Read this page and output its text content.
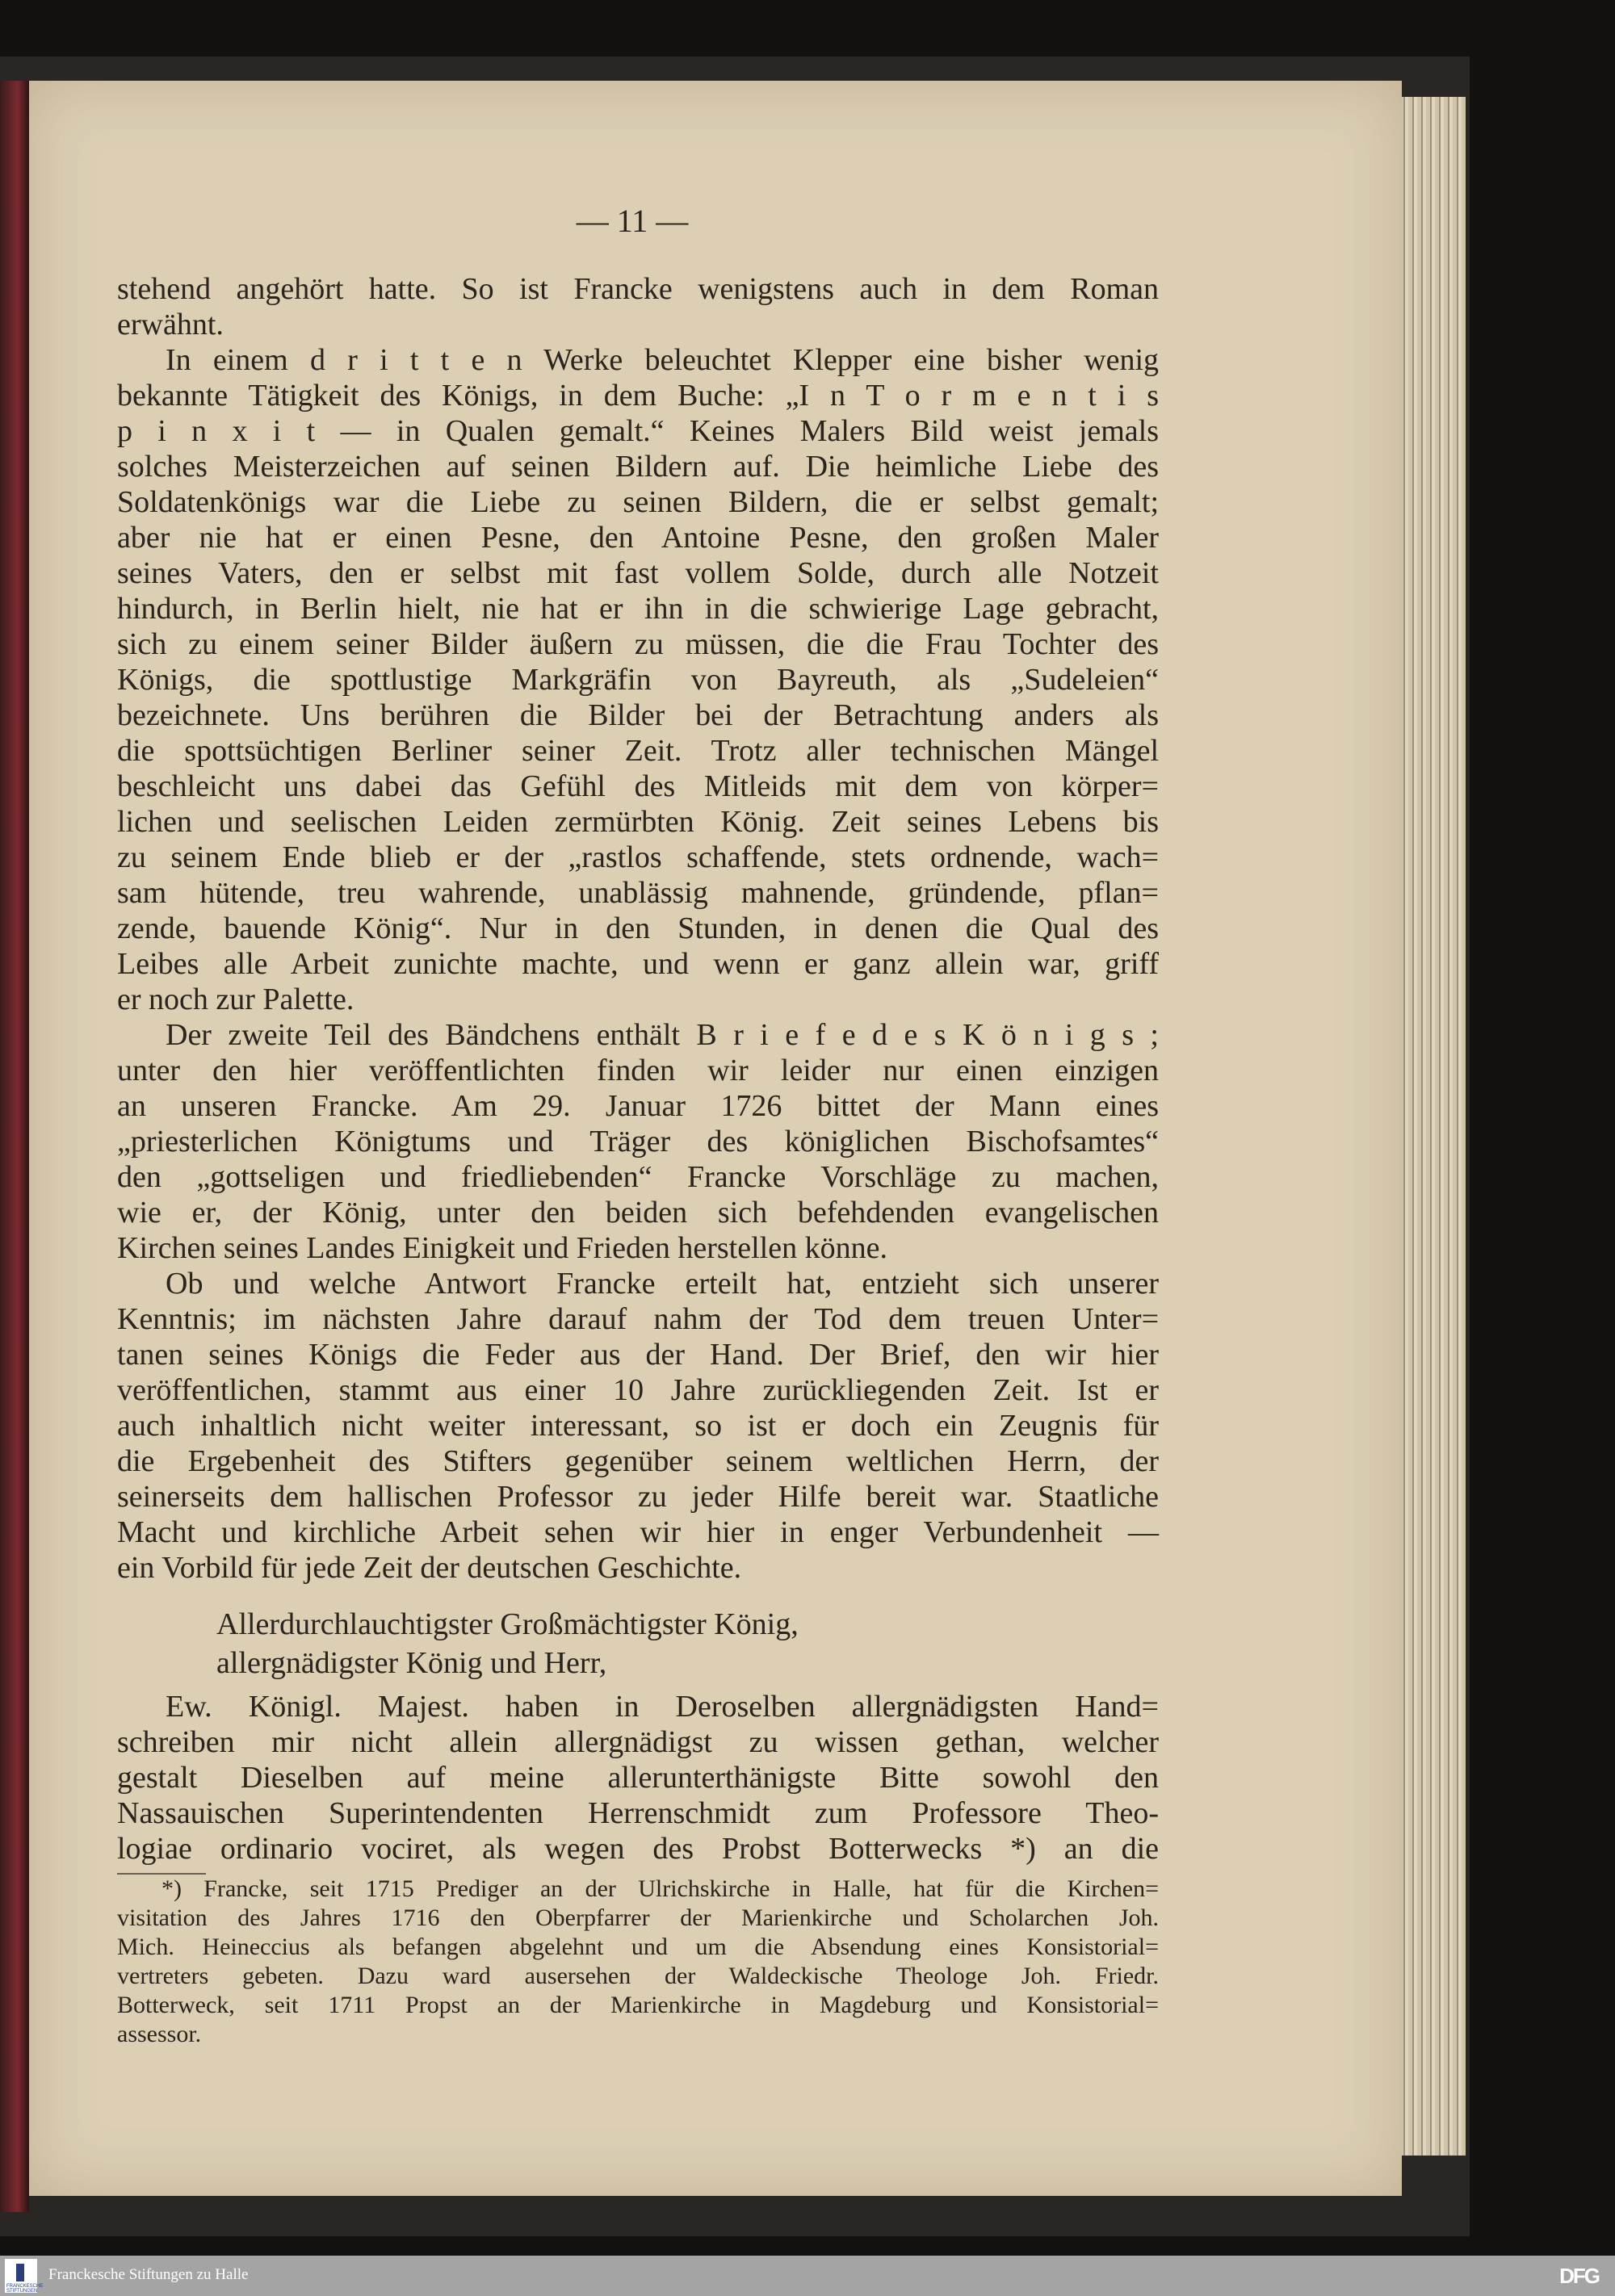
— 11 —
stehend angehört hatte. So ist Francke wenigstens auch in dem Roman
erwähnt.
In einem d r i t t e n Werke beleuchtet Klepper eine bisher wenig
bekannte Tätigkeit des Königs, in dem Buche: „I n T o r m e n t i s
p i n x i t — in Qualen gemalt.“ Keines Malers Bild weist jemals
solches Meisterzeichen auf seinen Bildern auf. Die heimliche Liebe des
Soldatenkönigs war die Liebe zu seinen Bildern, die er selbst gemalt;
aber nie hat er einen Pesne, den Antoine Pesne, den großen Maler
seines Vaters, den er selbst mit fast vollem Solde, durch alle Notzeit
hindurch, in Berlin hielt, nie hat er ihn in die schwierige Lage gebracht,
sich zu einem seiner Bilder äußern zu müssen, die die Frau Tochter des
Königs, die spottlustige Markgräfin von Bayreuth, als „Sudeleien“
bezeichnete. Uns berühren die Bilder bei der Betrachtung anders als
die spottsüchtigen Berliner seiner Zeit. Trotz aller technischen Mängel
beschleicht uns dabei das Gefühl des Mitleids mit dem von körper=
lichen und seelischen Leiden zermürbten König. Zeit seines Lebens bis
zu seinem Ende blieb er der „rastlos schaffende, stets ordnende, wach=
sam hütende, treu wahrende, unablässig mahnende, gründende, pflan=
zende, bauende König“. Nur in den Stunden, in denen die Qual des
Leibes alle Arbeit zunichte machte, und wenn er ganz allein war, griff
er noch zur Palette.
Der zweite Teil des Bändchens enthält B r i e f e d e s K ö n i g s ;
unter den hier veröffentlichten finden wir leider nur einen einzigen
an unseren Francke. Am 29. Januar 1726 bittet der Mann eines
„priesterlichen Königtums und Träger des königlichen Bischofsamtes“
den „gottseligen und friedliebenden“ Francke Vorschläge zu machen,
wie er, der König, unter den beiden sich befehdenden evangelischen
Kirchen seines Landes Einigkeit und Frieden herstellen könne.
Ob und welche Antwort Francke erteilt hat, entzieht sich unserer
Kenntnis; im nächsten Jahre darauf nahm der Tod dem treuen Unter=
tanen seines Königs die Feder aus der Hand. Der Brief, den wir hier
veröffentlichen, stammt aus einer 10 Jahre zurückliegenden Zeit. Ist er
auch inhaltlich nicht weiter interessant, so ist er doch ein Zeugnis für
die Ergebenheit des Stifters gegenüber seinem weltlichen Herrn, der
seinerseits dem hallischen Professor zu jeder Hilfe bereit war. Staatliche
Macht und kirchliche Arbeit sehen wir hier in enger Verbundenheit —
ein Vorbild für jede Zeit der deutschen Geschichte.
Allerdurchlauchtigster Großmächtigster König,
allergnädigster König und Herr,
Ew. Königl. Majest. haben in Deroselben allergnädigsten Hand=
schreiben mir nicht allein allergnädigst zu wissen gethan, welcher
gestalt Dieselben auf meine allerunterthänigste Bitte sowohl den
Nassauischen Superintendenten Herrenschmidt zum Professore Theo-
logiae ordinario vociret, als wegen des Probst Botterwecks *) an die
*) Francke, seit 1715 Prediger an der Ulrichskirche in Halle, hat für die Kirchen=
visitation des Jahres 1716 den Oberpfarrer der Marienkirche und Scholarchen Joh.
Mich. Heineccius als befangen abgelehnt und um die Absendung eines Konsistorial=
vertreters gebeten. Dazu ward ausersehen der Waldeckische Theologe Joh. Friedr.
Botterweck, seit 1711 Propst an der Marienkirche in Magdeburg und Konsistorial=
assessor.
FRANCKESCHE STIFTUNGEN
Franckesche Stiftungen zu Halle	DFG
